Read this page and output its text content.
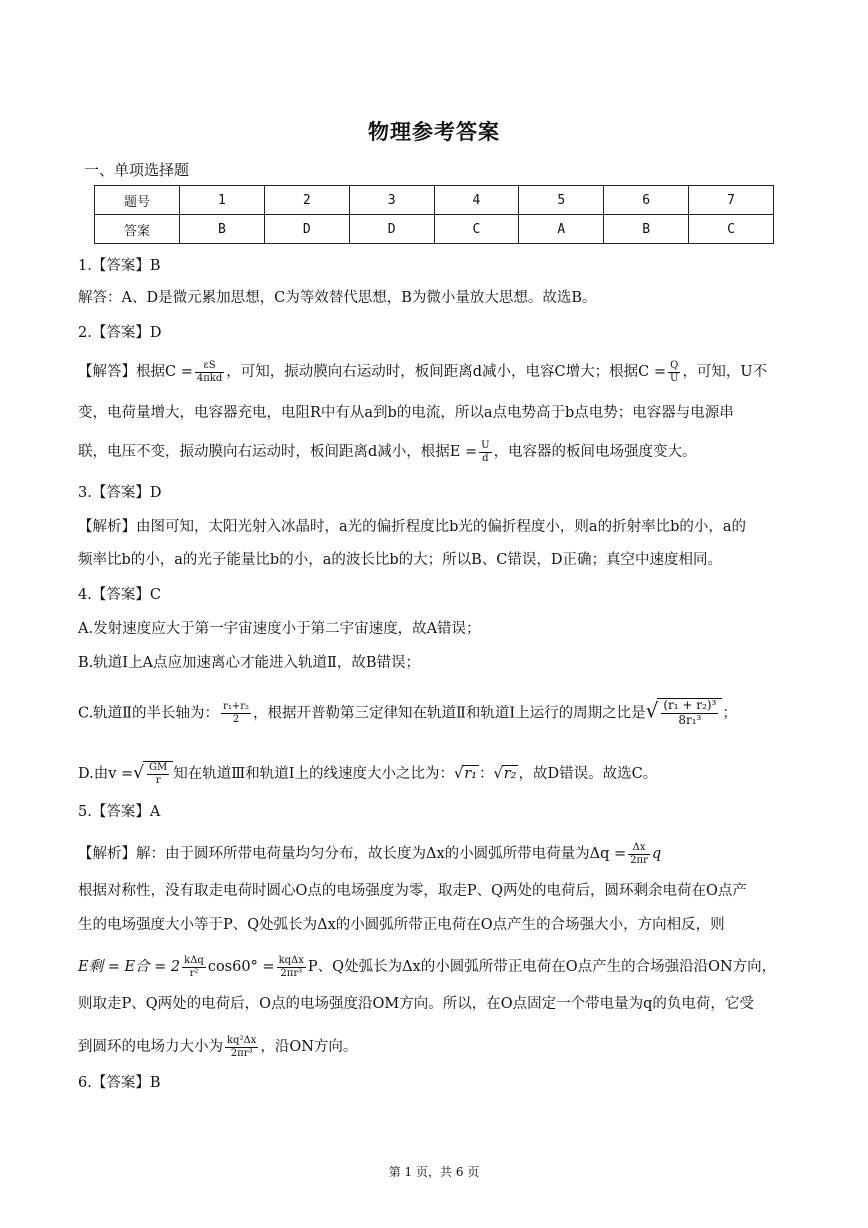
物理参考答案
一、单项选择题
题号	1	2	3	4	5	6	7
答案	B	D	D	C	A	B	C
1.【答案】B
解答：A、D是微元累加思想，C为等效替代思想，B为微小量放大思想。故选B。
2.【答案】D
【解答】根据$C = \frac{\varepsilon S}{\text{4πkd}}$ ，可知，振动膜向右运动时，板间距离d减小，电容C增大；根据$C = \frac{Q}{U}$ ，可知，U不
变，电荷量增大，电容器充电，电阻R中有从a到b的电流，所以a点电势高于b点电势；电容器与电源串
联，电压不变，振动膜向右运动时，板间距离d减小，根据$E = \frac{U}{d}$ ，电容器的板间电场强度变大。
3.【答案】D
【解析】由图可知，太阳光射入冰晶时，a光的偏折程度比b光的偏折程度小，则a的折射率比b的小，a的
频率比b的小，a的光子能量比b的小，a的波长比b的大；所以B、C错误，D正确；真空中速度相同。
4.【答案】C
A.发射速度应大于第一宇宙速度小于第二宇宙速度，故A错误；
B.轨道Ⅰ上A点应加速离心才能进入轨道Ⅱ，故B错误；
C.轨道Ⅱ的半长轴为： $\frac{\text{r₁+r₂}}{2}$ ，根据开普勒第三定律知在轨道Ⅱ和轨道Ⅰ上运行的周期之比是√ $\frac{\text{(r₁ + r₂)³}}{\text{8r₁³}}$ ；
D.由v =√ $\frac{GM}{r}$ 知在轨道Ⅲ和轨道Ⅰ上的线速度大小之比为：√r₁ ：√r₂ ，故D错误。故选C。
5.【答案】A
【解析】解：由于圆环所带电荷量均匀分布，故长度为Δx的小圆弧所带电荷量为$\Delta q = \frac{\Delta x}{2\pi r}$ q
根据对称性，没有取走电荷时圆心O点的电场强度为零，取走P、Q两处的电荷后，圆环剩余电荷在O点产
生的电场强度大小等于P、Q处弧长为Δx的小圆弧所带正电荷在O点产生的合场强大小，方向相反，则
E剩 = E合 = $2 \frac{\text{kΔq}}{\text{r²}} \cos 60^\circ = \frac{\text{kqΔx}}{\text{2πr³}}$ P、Q处弧长为Δx的小圆弧所带正电荷在O点产生的合场强沿沿ON方向，
则取走P、Q两处的电荷后，O点的电场强度沿OM方向。所以，在O点固定一个带电量为q的负电荷，它受
到圆环的电场力大小为 $\frac{\text{kq²Δx}}{\text{2πr³}}$ ，沿ON方向。
6.【答案】B
第 1 页，共 6 页
